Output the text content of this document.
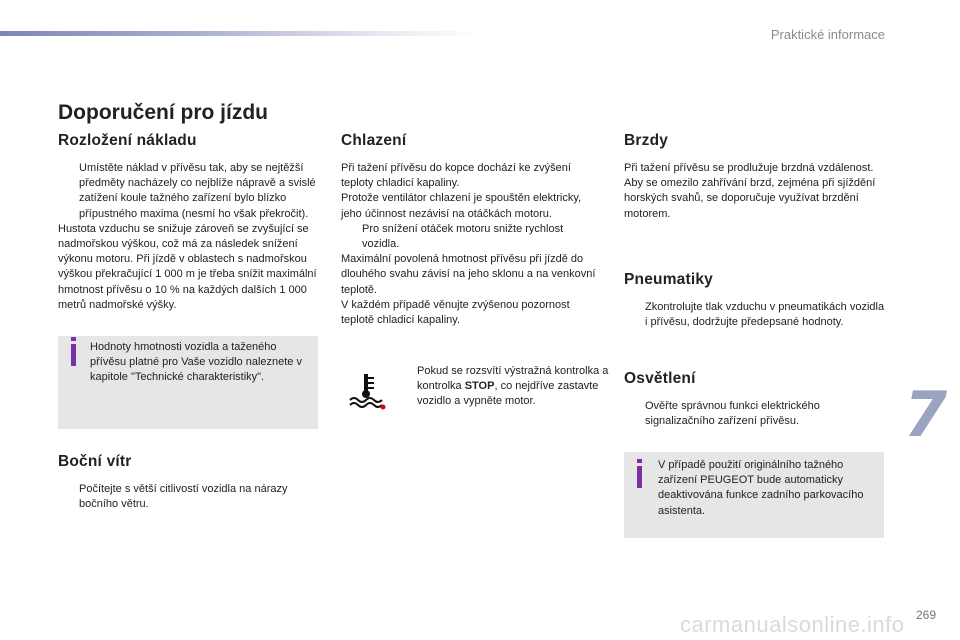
Praktické informace
Doporučení pro jízdu
Rozložení nákladu
Umístěte náklad v přívěsu tak, aby se nejtěžší předměty nacházely co nejblíže nápravě a svislé zatížení koule tažného zařízení bylo blízko přípustného maxima (nesmí ho však překročit).
Hustota vzduchu se snižuje zároveň se zvyšující se nadmořskou výškou, což má za následek snížení výkonu motoru. Při jízdě v oblastech s nadmořskou výškou překračující 1 000 m je třeba snížit maximální hmotnost přívěsu o 10 % na každých dalších 1 000 metrů nadmořské výšky.
Hodnoty hmotnosti vozidla a taženého přívěsu platné pro Vaše vozidlo naleznete v kapitole "Technické charakteristiky".
Boční vítr
Počítejte s větší citlivostí vozidla na nárazy bočního větru.
Chlazení
Při tažení přívěsu do kopce dochází ke zvýšení teploty chladicí kapaliny.
Protože ventilátor chlazení je spouštěn elektricky, jeho účinnost nezávisí na otáčkách motoru.
Pro snížení otáček motoru snižte rychlost vozidla.
Maximální povolená hmotnost přívěsu při jízdě do dlouhého svahu závisí na jeho sklonu a na venkovní teplotě.
V každém případě věnujte zvýšenou pozornost teplotě chladicí kapaliny.
Pokud se rozsvítí výstražná kontrolka a kontrolka STOP, co nejdříve zastavte vozidlo a vypněte motor.
Brzdy
Při tažení přívěsu se prodlužuje brzdná vzdálenost.
Aby se omezilo zahřívání brzd, zejména při sjíždění horských svahů, se doporučuje využívat brzdění motorem.
Pneumatiky
Zkontrolujte tlak vzduchu v pneumatikách vozidla i přívěsu, dodržujte předepsané hodnoty.
Osvětlení
Ověřte správnou funkci elektrického signalizačního zařízení přívěsu.
V případě použití originálního tažného zařízení PEUGEOT bude automaticky deaktivována funkce zadního parkovacího asistenta.
7
269
carmanualsonline.info
